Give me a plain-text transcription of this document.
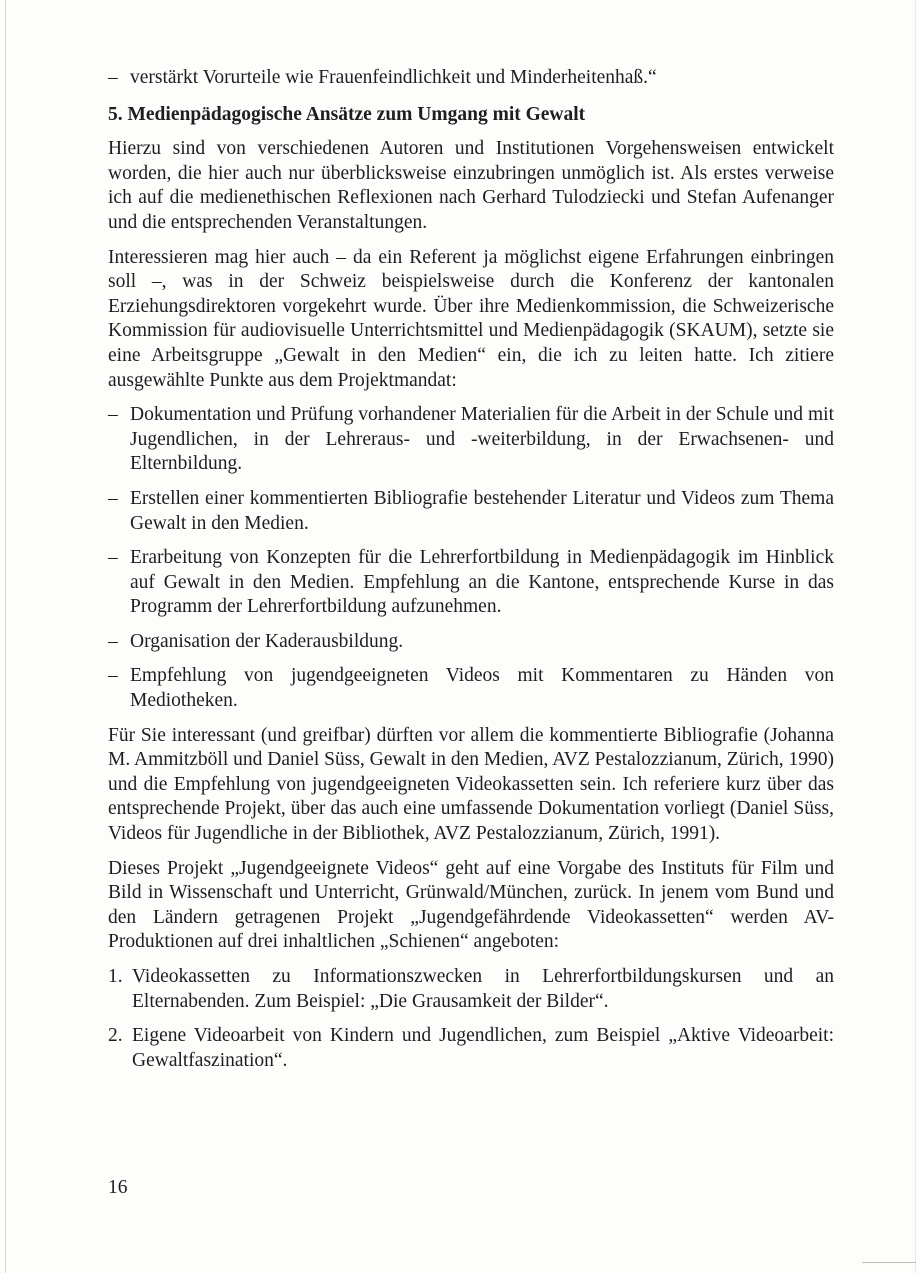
– verstärkt Vorurteile wie Frauenfeindlichkeit und Minderheitenhaß.“

5. Medienpädagogische Ansätze zum Umgang mit Gewalt

Hierzu sind von verschiedenen Autoren und Institutionen Vorgehensweisen entwickelt worden, die hier auch nur überblicksweise einzubringen unmöglich ist. Als erstes verweise ich auf die medienethischen Reflexionen nach Gerhard Tulodziecki und Stefan Aufenanger und die entsprechenden Veranstaltungen.

Interessieren mag hier auch – da ein Referent ja möglichst eigene Erfahrungen einbringen soll –, was in der Schweiz beispielsweise durch die Konferenz der kantonalen Erziehungsdirektoren vorgekehrt wurde. Über ihre Medienkommission, die Schweizerische Kommission für audiovisuelle Unterrichtsmittel und Medienpädagogik (SKAUM), setzte sie eine Arbeitsgruppe „Gewalt in den Medien“ ein, die ich zu leiten hatte. Ich zitiere ausgewählte Punkte aus dem Projektmandat:

– Dokumentation und Prüfung vorhandener Materialien für die Arbeit in der Schule und mit Jugendlichen, in der Lehreraus- und -weiterbildung, in der Erwachsenen- und Elternbildung.
– Erstellen einer kommentierten Bibliografie bestehender Literatur und Videos zum Thema Gewalt in den Medien.
– Erarbeitung von Konzepten für die Lehrerfortbildung in Medienpädagogik im Hinblick auf Gewalt in den Medien. Empfehlung an die Kantone, entsprechende Kurse in das Programm der Lehrerfortbildung aufzunehmen.
– Organisation der Kaderausbildung.
– Empfehlung von jugendgeeigneten Videos mit Kommentaren zu Händen von Mediotheken.

Für Sie interessant (und greifbar) dürften vor allem die kommentierte Bibliografie (Johanna M. Ammitzböll und Daniel Süss, Gewalt in den Medien, AVZ Pestalozzianum, Zürich, 1990) und die Empfehlung von jugendgeeigneten Videokassetten sein. Ich referiere kurz über das entsprechende Projekt, über das auch eine umfassende Dokumentation vorliegt (Daniel Süss, Videos für Jugendliche in der Bibliothek, AVZ Pestalozzianum, Zürich, 1991).

Dieses Projekt „Jugendgeeignete Videos“ geht auf eine Vorgabe des Instituts für Film und Bild in Wissenschaft und Unterricht, Grünwald/München, zurück. In jenem vom Bund und den Ländern getragenen Projekt „Jugendgefährdende Videokassetten“ werden AV-Produktionen auf drei inhaltlichen „Schienen“ angeboten:

1. Videokassetten zu Informationszwecken in Lehrerfortbildungskursen und an Elternabenden. Zum Beispiel: „Die Grausamkeit der Bilder“.
2. Eigene Videoarbeit von Kindern und Jugendlichen, zum Beispiel „Aktive Videoarbeit: Gewaltfaszination“.
16
